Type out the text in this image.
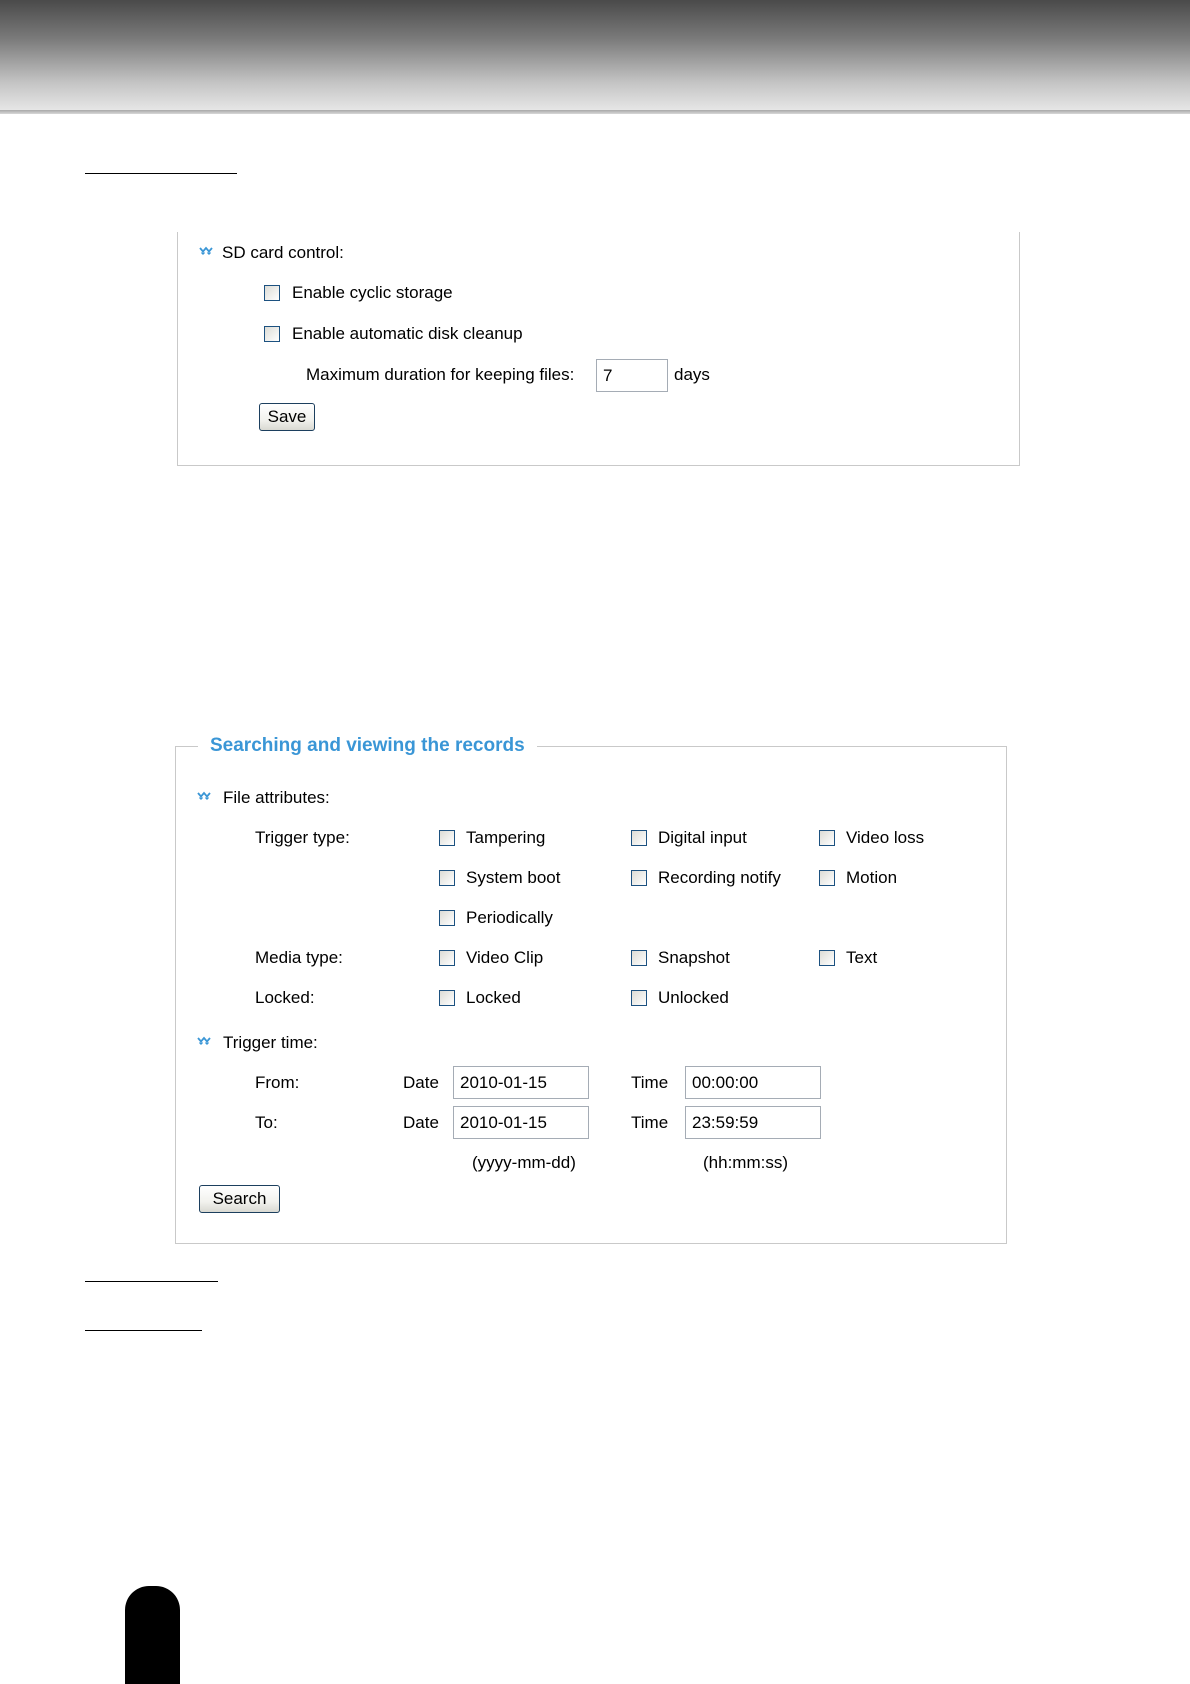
SD card control:
Enable cyclic storage
Enable automatic disk cleanup
Maximum duration for keeping files:	7	days
Save
Searching and viewing the records
File attributes:
Trigger type:	Tampering	Digital input	Video loss
System boot	Recording notify	Motion
Periodically
Media type:	Video Clip	Snapshot	Text
Locked:	Locked	Unlocked
Trigger time:
From:	Date	2010-01-15	Time	00:00:00
To:	Date	2010-01-15	Time	23:59:59
(yyyy-mm-dd)	(hh:mm:ss)
Search
